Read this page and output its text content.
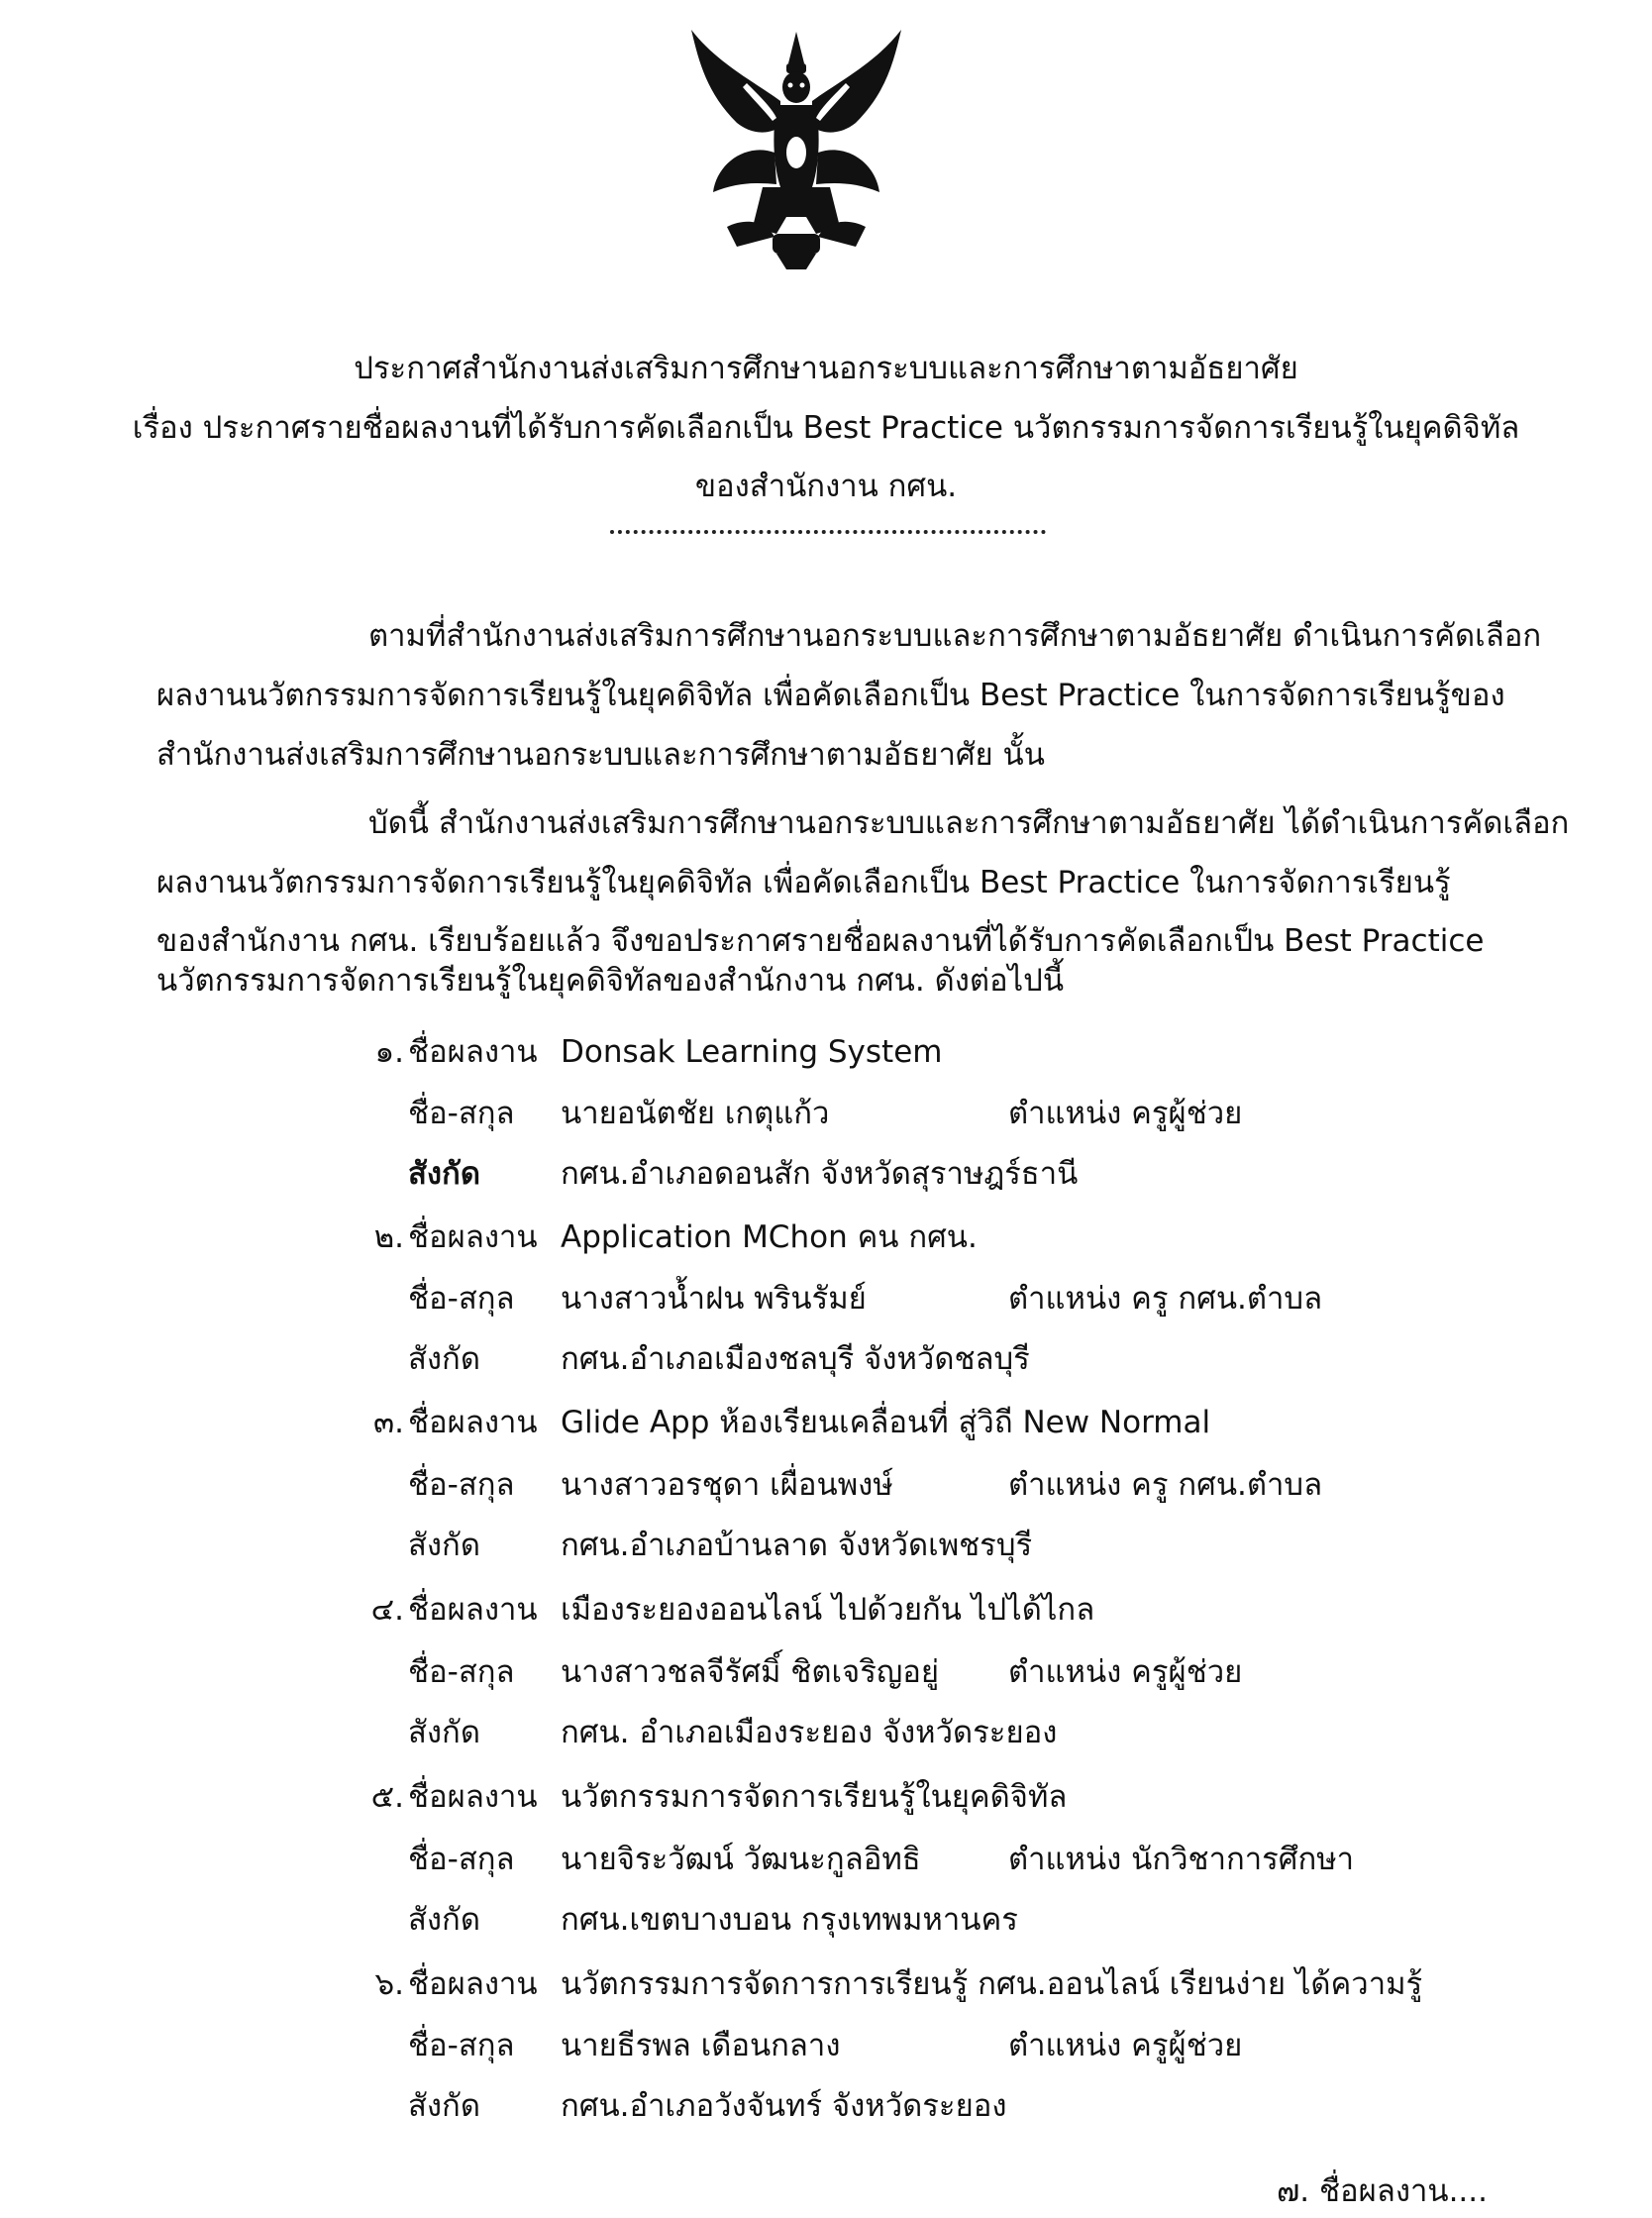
ประกาศสำนักงานส่งเสริมการศึกษานอกระบบและการศึกษาตามอัธยาศัย
เรื่อง ประกาศรายชื่อผลงานที่ได้รับการคัดเลือกเป็น Best Practice นวัตกรรมการจัดการเรียนรู้ในยุคดิจิทัล
ของสำนักงาน กศน.
ตามที่สำนักงานส่งเสริมการศึกษานอกระบบและการศึกษาตามอัธยาศัย ดำเนินการคัดเลือก
ผลงานนวัตกรรมการจัดการเรียนรู้ในยุคดิจิทัล เพื่อคัดเลือกเป็น Best Practice ในการจัดการเรียนรู้ของ
สำนักงานส่งเสริมการศึกษานอกระบบและการศึกษาตามอัธยาศัย นั้น
บัดนี้ สำนักงานส่งเสริมการศึกษานอกระบบและการศึกษาตามอัธยาศัย ได้ดำเนินการคัดเลือก
ผลงานนวัตกรรมการจัดการเรียนรู้ในยุคดิจิทัล เพื่อคัดเลือกเป็น Best Practice ในการจัดการเรียนรู้
ของสำนักงาน กศน. เรียบร้อยแล้ว จึงขอประกาศรายชื่อผลงานที่ได้รับการคัดเลือกเป็น Best Practice
นวัตกรรมการจัดการเรียนรู้ในยุคดิจิทัลของสำนักงาน กศน. ดังต่อไปนี้
๑. ชื่อผลงาน Donsak Learning System
ชื่อ-สกุล นายอนัตชัย เกตุแก้ว	ตำแหน่ง ครูผู้ช่วย
สังกัด	กศน.อำเภอดอนสัก จังหวัดสุราษฎร์ธานี
๒. ชื่อผลงาน Application MChon คน กศน.
ชื่อ-สกุล นางสาวน้ำฝน พรินรัมย์	ตำแหน่ง ครู กศน.ตำบล
สังกัด	กศน.อำเภอเมืองชลบุรี จังหวัดชลบุรี
๓. ชื่อผลงาน Glide App ห้องเรียนเคลื่อนที่ สู่วิถี New Normal
ชื่อ-สกุล นางสาวอรชุดา เผื่อนพงษ์	ตำแหน่ง ครู กศน.ตำบล
สังกัด	กศน.อำเภอบ้านลาด จังหวัดเพชรบุรี
๔. ชื่อผลงาน เมืองระยองออนไลน์ ไปด้วยกัน ไปได้ไกล
ชื่อ-สกุล นางสาวชลจีรัศมิ์ ชิตเจริญอยู่ ตำแหน่ง ครูผู้ช่วย
สังกัด	กศน. อำเภอเมืองระยอง จังหวัดระยอง
๕. ชื่อผลงาน นวัตกรรมการจัดการเรียนรู้ในยุคดิจิทัล
ชื่อ-สกุล นายจิระวัฒน์ วัฒนะกูลอิทธิ	ตำแหน่ง นักวิชาการศึกษา
สังกัด	กศน.เขตบางบอน กรุงเทพมหานคร
๖. ชื่อผลงาน นวัตกรรมการจัดการการเรียนรู้ กศน.ออนไลน์ เรียนง่าย ได้ความรู้
ชื่อ-สกุล นายธีรพล เดือนกลาง	ตำแหน่ง ครูผู้ช่วย
สังกัด	กศน.อำเภอวังจันทร์ จังหวัดระยอง
๗. ชื่อผลงาน....
